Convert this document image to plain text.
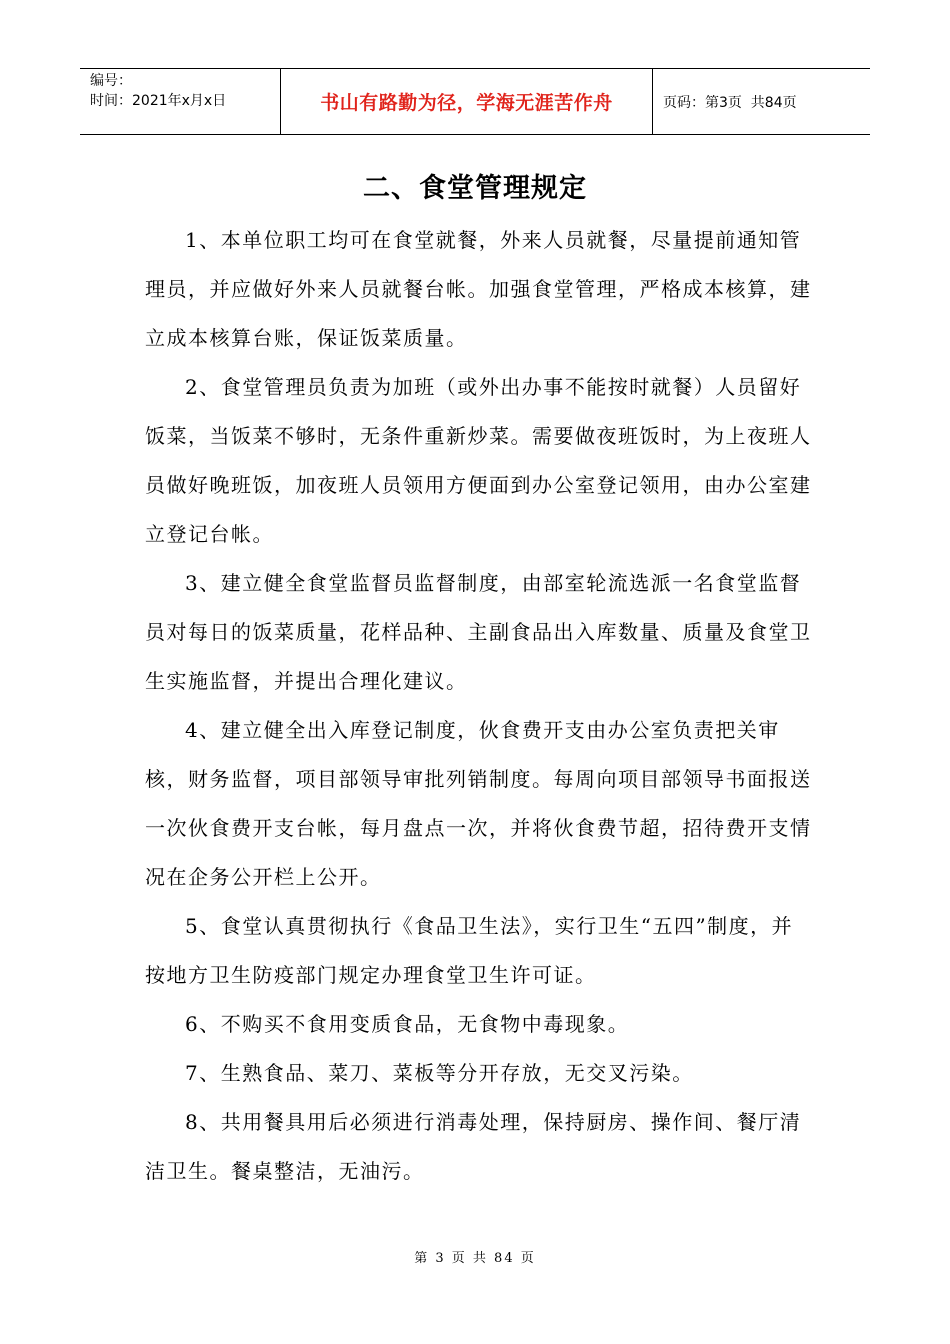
编号：
时间：2021年x月x日	书山有路勤为径，学海无涯苦作舟	页码：第3页  共84页
二、食堂管理规定

1、本单位职工均可在食堂就餐，外来人员就餐，尽量提前通知管理员，并应做好外来人员就餐台帐。加强食堂管理，严格成本核算，建立成本核算台账，保证饭菜质量。

2、食堂管理员负责为加班（或外出办事不能按时就餐）人员留好饭菜，当饭菜不够时，无条件重新炒菜。需要做夜班饭时，为上夜班人员做好晚班饭，加夜班人员领用方便面到办公室登记领用，由办公室建立登记台帐。

3、建立健全食堂监督员监督制度，由部室轮流选派一名食堂监督员对每日的饭菜质量，花样品种、主副食品出入库数量、质量及食堂卫生实施监督，并提出合理化建议。

4、建立健全出入库登记制度，伙食费开支由办公室负责把关审核，财务监督，项目部领导审批列销制度。每周向项目部领导书面报送一次伙食费开支台帐，每月盘点一次，并将伙食费节超，招待费开支情况在企务公开栏上公开。

5、食堂认真贯彻执行《食品卫生法》，实行卫生“五四”制度，并按地方卫生防疫部门规定办理食堂卫生许可证。

6、不购买不食用变质食品，无食物中毒现象。

7、生熟食品、菜刀、菜板等分开存放，无交叉污染。

8、共用餐具用后必须进行消毒处理，保持厨房、操作间、餐厅清洁卫生。餐桌整洁，无油污。

第 3 页 共 84 页
